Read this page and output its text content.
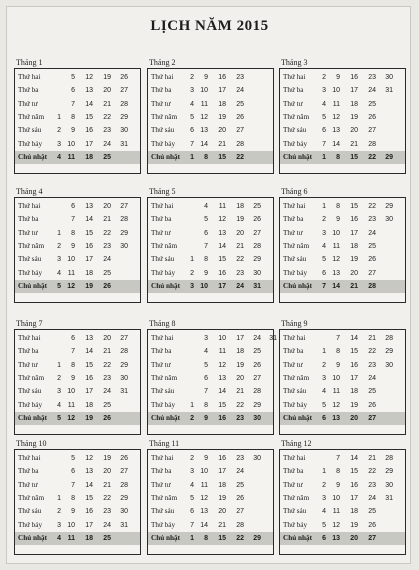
LỊCH NĂM 2015
Tháng 1
Thứ hai	5	12	19	26
Thứ ba	6	13	20	27
Thứ tư	7	14	21	28
Thứ năm	1	8	15	22	29
Thứ sáu	2	9	16	23	30
Thứ bảy	3 10	17	24	31
Chủ nhật	4 11	18	25
Tháng 2
Thứ hai	2	9	16	23
Thứ ba	3 10	17	24
Thứ tư	4 11	18	25
Thứ năm	5 12	19	26
Thứ sáu	6 13	20	27
Thứ bảy	7 14	21	28
Chủ nhật	1	8	15	22
Tháng 3
Thứ hai	2	9	16	23	30
Thứ ba	3 10	17	24	31
Thứ tư	4 11	18	25
Thứ năm	5 12	19	26
Thứ sáu	6 13	20	27
Thứ bảy	7 14	21	28
Chủ nhật	1	8	15	22	29
Tháng 4
Thứ hai	6	13	20	27
Thứ ba	7	14	21	28
Thứ tư	1	8	15	22	29
Thứ năm	2	9	16	23	30
Thứ sáu	3 10	17	24
Thứ bảy	4 11	18	25
Chủ nhật	5 12	19	26
Tháng 5
Thứ hai	4	11	18	25
Thứ ba	5	12	19	26
Thứ tư	6	13	20	27
Thứ năm	7	14	21	28
Thứ sáu	1	8	15	22	29
Thứ bảy	2	9	16	23	30
Chủ nhật	3 10	17	24	31
Tháng 6
Thứ hai	1	8	15	22	29
Thứ ba	2	9	16	23	30
Thứ tư	3 10	17	24
Thứ năm	4 11	18	25
Thứ sáu	5 12	19	26
Thứ bảy	6 13	20	27
Chủ nhật	7 14	21	28
Tháng 7
Thứ hai	6	13	20	27
Thứ ba	7	14	21	28
Thứ tư	1	8	15	22	29
Thứ năm	2	9	16	23	30
Thứ sáu	3 10	17	24	31
Thứ bảy	4 11	18	25
Chủ nhật	5 12	19	26
Tháng 8
Thứ hai	3	10	17	24	31
Thứ ba	4	11	18	25
Thứ tư	5	12	19	26
Thứ năm	6	13	20	27
Thứ sáu	7	14	21	28
Thứ bảy	1	8	15	22	29
Chủ nhật	2	9	16	23	30
Tháng 9
Thứ hai	7	14	21	28
Thứ ba	1	8	15	22	29
Thứ tư	2	9	16	23	30
Thứ năm	3 10	17	24
Thứ sáu	4 11	18	25
Thứ bảy	5 12	19	26
Chủ nhật	6 13	20	27
Tháng 10
Thứ hai	5	12	19	26
Thứ ba	6	13	20	27
Thứ tư	7	14	21	28
Thứ năm	1	8	15	22	29
Thứ sáu	2	9	16	23	30
Thứ bảy	3 10	17	24	31
Chủ nhật	4 11	18	25
Tháng 11
Thứ hai	2	9	16	23	30
Thứ ba	3 10	17	24
Thứ tư	4 11	18	25
Thứ năm	5 12	19	26
Thứ sáu	6 13	20	27
Thứ bảy	7 14	21	28
Chủ nhật	1	8	15	22	29
Tháng 12
Thứ hai	7	14	21	28
Thứ ba	1	8	15	22	29
Thứ tư	2	9	16	23	30
Thứ năm	3 10	17	24	31
Thứ sáu	4 11	18	25
Thứ bảy	5 12	19	26
Chủ nhật	6 13	20	27
